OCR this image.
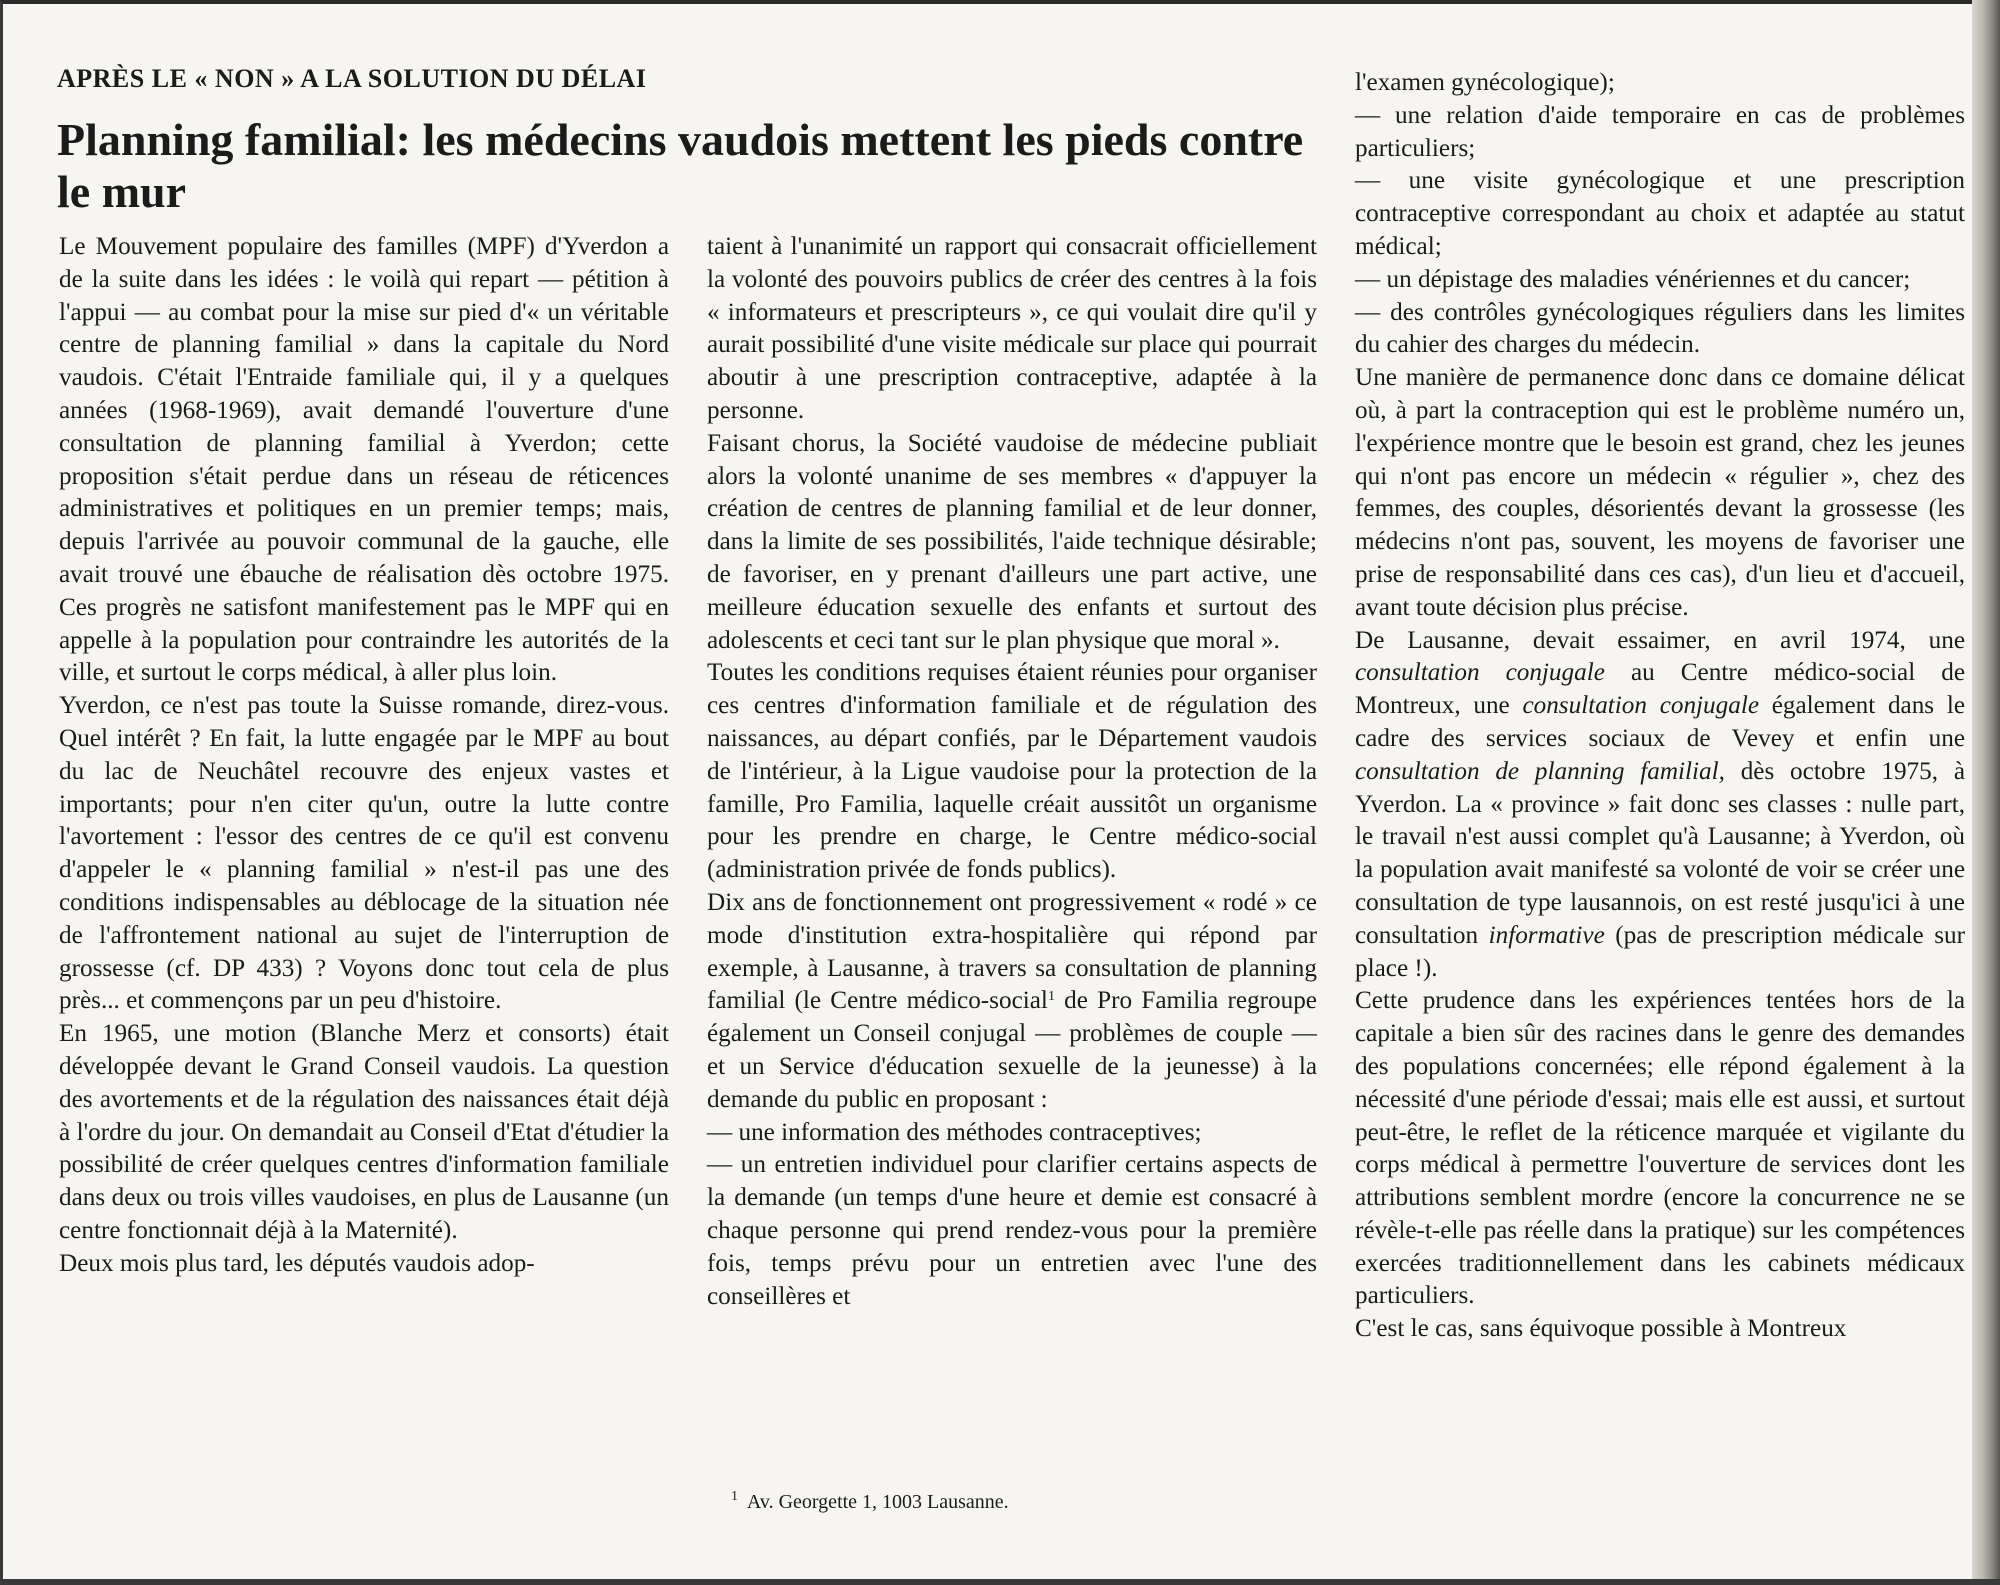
APRÈS LE « NON » A LA SOLUTION DU DÉLAI
Planning familial: les médecins vaudois mettent les pieds contre le mur

Le Mouvement populaire des familles (MPF) d'Yverdon a de la suite dans les idées : le voilà qui repart — pétition à l'appui — au combat pour la mise sur pied d'« un véritable centre de planning familial » dans la capitale du Nord vaudois. C'était l'Entraide familiale qui, il y a quelques années (1968-1969), avait demandé l'ouverture d'une consultation de planning familial à Yverdon; cette proposition s'était perdue dans un réseau de réticences administratives et politiques en un premier temps; mais, depuis l'arrivée au pouvoir communal de la gauche, elle avait trouvé une ébauche de réalisation dès octobre 1975. Ces progrès ne satisfont manifestement pas le MPF qui en appelle à la population pour contraindre les autorités de la ville, et surtout le corps médical, à aller plus loin.

Yverdon, ce n'est pas toute la Suisse romande, direz-vous. Quel intérêt ? En fait, la lutte engagée par le MPF au bout du lac de Neuchâtel recouvre des enjeux vastes et importants; pour n'en citer qu'un, outre la lutte contre l'avortement : l'essor des centres de ce qu'il est convenu d'appeler le « planning familial » n'est-il pas une des conditions indispensables au déblocage de la situation née de l'affrontement national au sujet de l'interruption de grossesse (cf. DP 433) ? Voyons donc tout cela de plus près... et commençons par un peu d'histoire.

En 1965, une motion (Blanche Merz et consorts) était développée devant le Grand Conseil vaudois. La question des avortements et de la régulation des naissances était déjà à l'ordre du jour. On demandait au Conseil d'Etat d'étudier la possibilité de créer quelques centres d'information familiale dans deux ou trois villes vaudoises, en plus de Lausanne (un centre fonctionnait déjà à la Maternité).

Deux mois plus tard, les députés vaudois adop-

taient à l'unanimité un rapport qui consacrait officiellement la volonté des pouvoirs publics de créer des centres à la fois « informateurs et prescripteurs », ce qui voulait dire qu'il y aurait possibilité d'une visite médicale sur place qui pourrait aboutir à une prescription contraceptive, adaptée à la personne.

Faisant chorus, la Société vaudoise de médecine publiait alors la volonté unanime de ses membres « d'appuyer la création de centres de planning familial et de leur donner, dans la limite de ses possibilités, l'aide technique désirable; de favoriser, en y prenant d'ailleurs une part active, une meilleure éducation sexuelle des enfants et surtout des adolescents et ceci tant sur le plan physique que moral ».

Toutes les conditions requises étaient réunies pour organiser ces centres d'information familiale et de régulation des naissances, au départ confiés, par le Département vaudois de l'intérieur, à la Ligue vaudoise pour la protection de la famille, Pro Familia, laquelle créait aussitôt un organisme pour les prendre en charge, le Centre médico-social (administration privée de fonds publics).

Dix ans de fonctionnement ont progressivement « rodé » ce mode d'institution extra-hospitalière qui répond par exemple, à Lausanne, à travers sa consultation de planning familial (le Centre médico-social$^1$ de Pro Familia regroupe également un Conseil conjugal — problèmes de couple — et un Service d'éducation sexuelle de la jeunesse) à la demande du public en proposant :

— une information des méthodes contraceptives;

— un entretien individuel pour clarifier certains aspects de la demande (un temps d'une heure et demie est consacré à chaque personne qui prend rendez-vous pour la première fois, temps prévu pour un entretien avec l'une des conseillères et

$^1$ Av. Georgette 1, 1003 Lausanne.

l'examen gynécologique);

— une relation d'aide temporaire en cas de problèmes particuliers;

— une visite gynécologique et une prescription contraceptive correspondant au choix et adaptée au statut médical;

— un dépistage des maladies vénériennes et du cancer;

— des contrôles gynécologiques réguliers dans les limites du cahier des charges du médecin.

Une manière de permanence donc dans ce domaine délicat où, à part la contraception qui est le problème numéro un, l'expérience montre que le besoin est grand, chez les jeunes qui n'ont pas encore un médecin « régulier », chez des femmes, des couples, désorientés devant la grossesse (les médecins n'ont pas, souvent, les moyens de favoriser une prise de responsabilité dans ces cas), d'un lieu et d'accueil, avant toute décision plus précise.

De Lausanne, devait essaimer, en avril 1974, une consultation conjugale au Centre médico-social de Montreux, une consultation conjugale également dans le cadre des services sociaux de Vevey et enfin une consultation de planning familial, dès octobre 1975, à Yverdon. La « province » fait donc ses classes : nulle part, le travail n'est aussi complet qu'à Lausanne; à Yverdon, où la population avait manifesté sa volonté de voir se créer une consultation de type lausannois, on est resté jusqu'ici à une consultation informative (pas de prescription médicale sur place !).

Cette prudence dans les expériences tentées hors de la capitale a bien sûr des racines dans le genre des demandes des populations concernées; elle répond également à la nécessité d'une période d'essai; mais elle est aussi, et surtout peut-être, le reflet de la réticence marquée et vigilante du corps médical à permettre l'ouverture de services dont les attributions semblent mordre (encore la concurrence ne se révèle-t-elle pas réelle dans la pratique) sur les compétences exercées traditionnellement dans les cabinets médicaux particuliers.

C'est le cas, sans équivoque possible à Montreux
